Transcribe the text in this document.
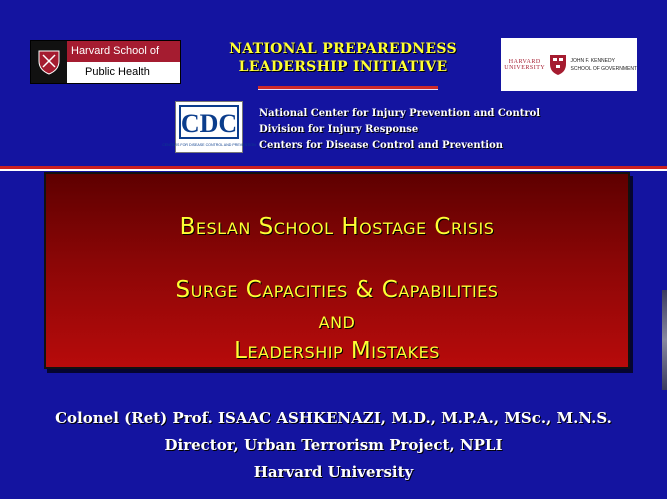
Harvard School of
Public Health
NATIONAL PREPAREDNESS
LEADERSHIP INITIATIVE	HARVARD UNIVERSITY
JOHN F. KENNEDY
SCHOOL OF GOVERNMENT
CDC
CENTERS FOR DISEASE CONTROL AND PREVENTION
National Center for Injury Prevention and Control
Division for Injury Response
Centers for Disease Control and Prevention
Beslan School Hostage Crisis
Surge Capacities & Capabilities
and
Leadership Mistakes
Colonel (Ret) Prof. ISAAC ASHKENAZI, M.D., M.P.A., MSc., M.N.S.
Director, Urban Terrorism Project, NPLI
Harvard University
